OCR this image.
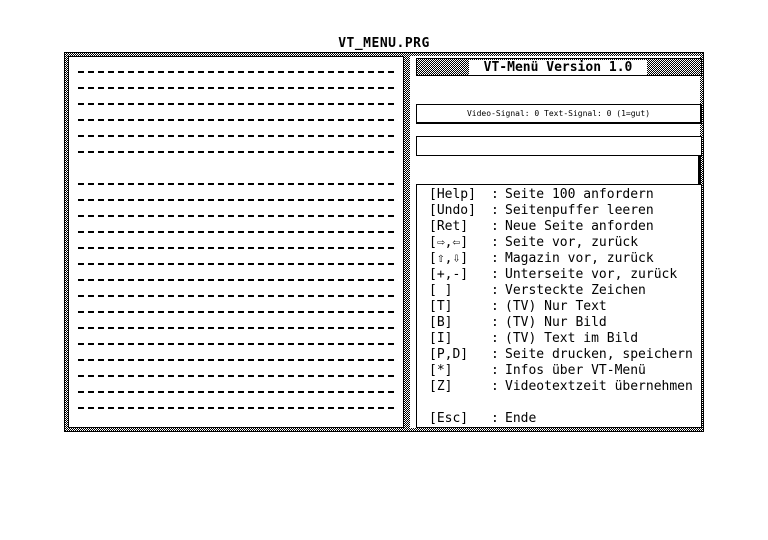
VT_MENU.PRG
VT-Menü Version 1.0
Video-Signal: 0 Text-Signal: 0 (1=gut)
[Help] : Seite 100 anfordern
[Undo] : Seitenpuffer leeren
[Ret] : Neue Seite anforden
[⇨,⇦] : Seite vor, zurück
[⇧,⇩] : Magazin vor, zurück
[+,-] : Unterseite vor, zurück
[ ]	: Versteckte Zeichen
[T]	: (TV) Nur Text
[B]	: (TV) Nur Bild
[I]	: (TV) Text im Bild
[P,D] : Seite drucken, speichern
[*]	: Infos über VT-Menü
[Z]	: Videotextzeit übernehmen
[Esc] : Ende
